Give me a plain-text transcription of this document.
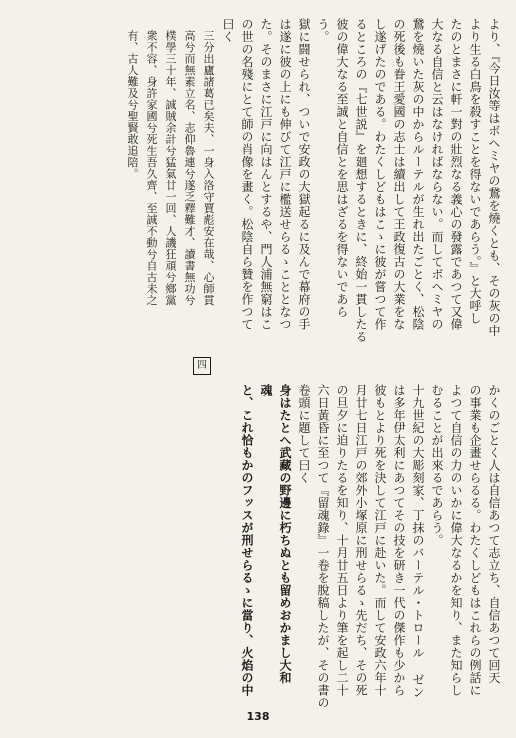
より、『今日汝等はボヘミヤの鵞を燒くとも、その灰の中
より生る白鳥を殺すことを得ないであらう。』と大呼し
たのとまさに軒一對の壯烈なる義心の發露であつて又偉
大なる自信と云はなければならない。而してボヘミヤの
鵞を燒いた灰の中からルーテルが生れ出たごとく、松陰
の死後も眷王愛國の志士は續出して王政復古の大業をな
し遂げたのである。わたくしどもはこゝに彼が嘗つて作
るところの『七世説』を廻想するときに、終始一貫したる
彼の偉大なる至誠と自信とを思はざるを得ないであら
う。
獄に闘せられ、ついで安政の大獄起るに及んで幕府の手
は遂に彼の上にも伸びて江戸に檻送せらるゝこととなつ
た。そのまさに江戸に向はんとするや、門人浦無窮はこ
の世の名殘にとて師の肖像を畫く。松陰自ら贊を作つて
曰く
三分出廬諸葛已矣夫、一身入洛守賈彪安在哉、心師貫
高兮而無素立名、志仰魯連兮遂乏釋難才、讀書無功兮
樸學三十年、誠賊余計兮猛氣廿一回、人譏狂頑兮鄉黨
衆不容、身許家國兮死生吾久齊、至誠不動兮自古未之
有、古人難及兮聖賢敢追陪。
四
かくのごとく人は自信あつて志立ち、自信あつて回天
の事業も企畫せらるる。わたくしどもはこれらの例話に
よつて自信の力のいかに偉大なるかを知り、また知らし
むることが出來るであらう。
十九世紀の大彫刻家、丁抹のバーテル・トロール ゼン
は多年伊太利にあつてその技を研き一代の傑作も少から
彼もとより死を決して江戸に赴いた。而して安政六年十
月廿七日江戸の郊外小塚原に刑せらるゝ先だち、その死
の旦夕に迫りたるを知り、十月廿五日より筆を起し二十
六日黃昏に至つて『留魂錄』一卷を脫稿したが、その書の
卷頭に題して曰く
身はたとへ武藏の野邊に朽ちぬとも留めおかまし大和
魂
と、これ恰もかのフッスが刑せらるゝに當り、火焰の中
138
